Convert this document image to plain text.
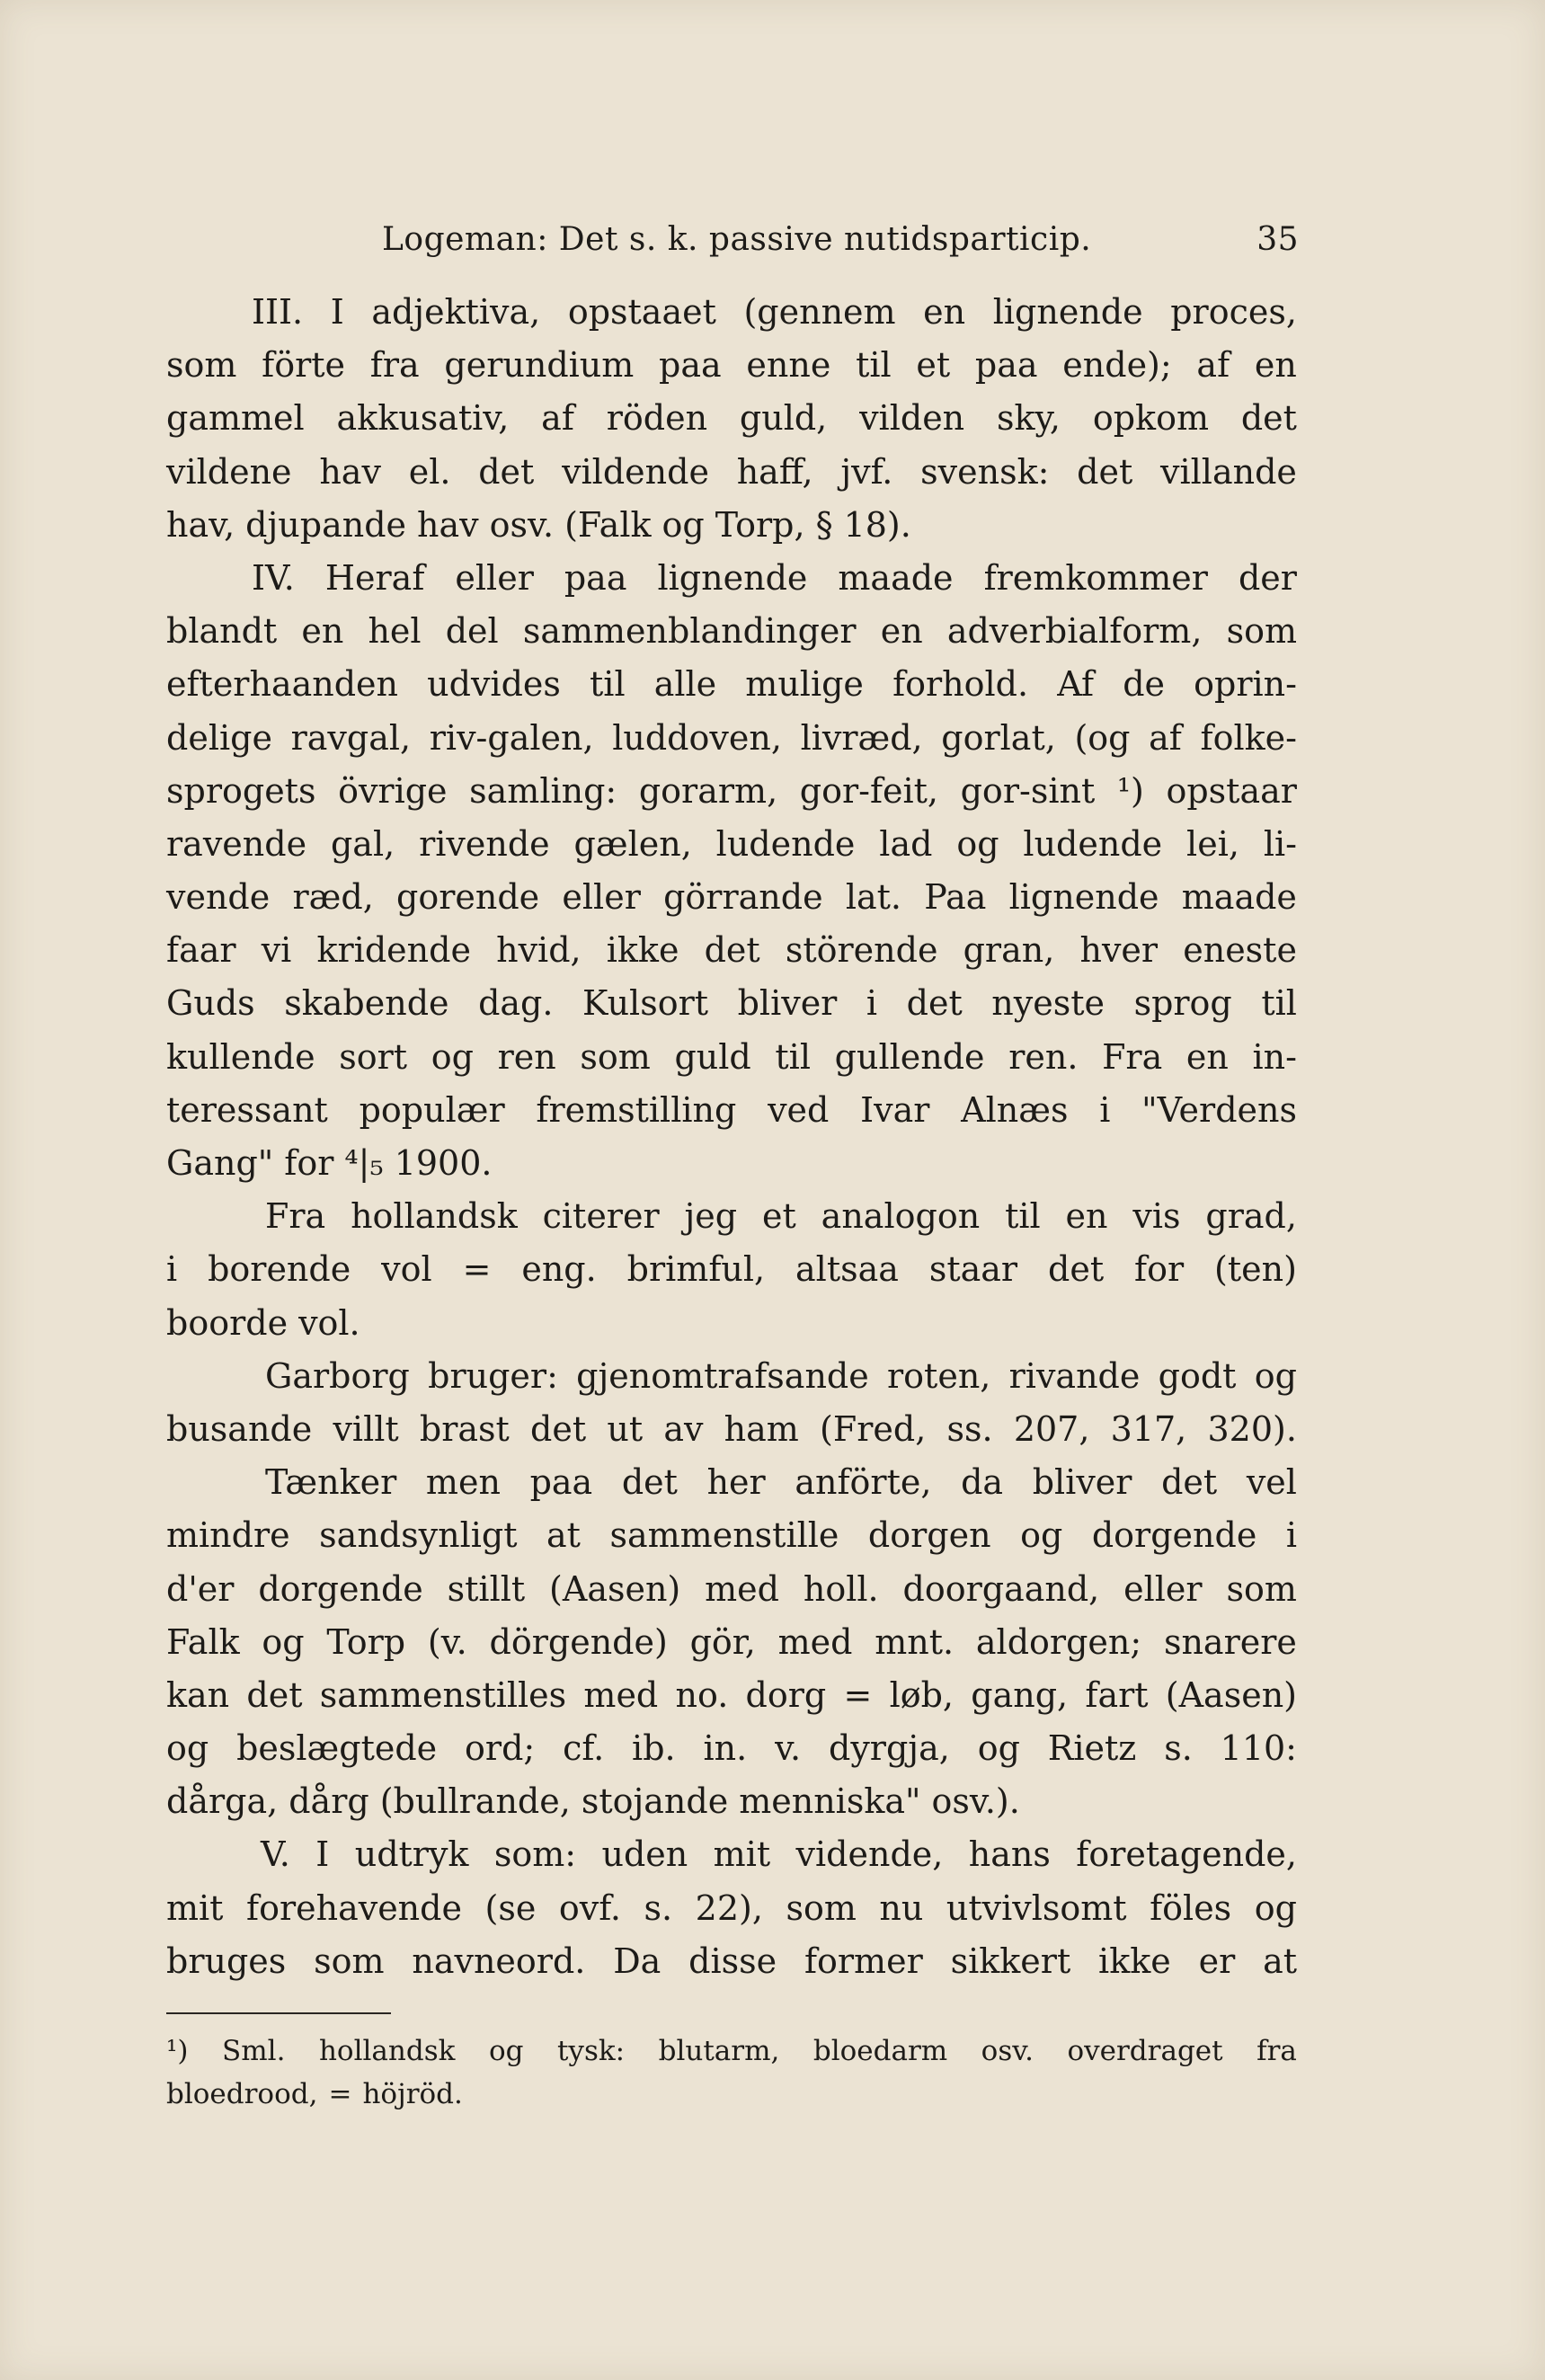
Logeman: Det s. k. passive nutidsparticip.	35
III. I adjektiva, opstaaet (gennem en lignende proces,
som förte fra gerundium paa enne til et paa ende); af en
gammel akkusativ, af röden guld, vilden sky, opkom det
vildene hav el. det vildende haff, jvf. svensk: det villande
hav, djupande hav osv. (Falk og Torp, § 18).
IV. Heraf eller paa lignende maade fremkommer der
blandt en hel del sammenblandinger en adverbialform, som
efterhaanden udvides til alle mulige forhold. Af de oprin-
delige ravgal, riv-galen, luddoven, livræd, gorlat, (og af folke-
sprogets övrige samling: gorarm, gor-feit, gor-sint ¹) opstaar
ravende gal, rivende gælen, ludende lad og ludende lei, li-
vende ræd, gorende eller görrande lat. Paa lignende maade
faar vi kridende hvid, ikke det störende gran, hver eneste
Guds skabende dag. Kulsort bliver i det nyeste sprog til
kullende sort og ren som guld til gullende ren. Fra en in-
teressant populær fremstilling ved Ivar Alnæs i "Verdens
Gang" for ⁴|₅ 1900.
Fra hollandsk citerer jeg et analogon til en vis grad,
i borende vol = eng. brimful, altsaa staar det for (ten)
boorde vol.
Garborg bruger: gjenomtrafsande roten, rivande godt og
busande villt brast det ut av ham (Fred, ss. 207, 317, 320).
Tænker men paa det her anförte, da bliver det vel
mindre sandsynligt at sammenstille dorgen og dorgende i
d'er dorgende stillt (Aasen) med holl. doorgaand, eller som
Falk og Torp (v. dörgende) gör, med mnt. aldorgen; snarere
kan det sammenstilles med no. dorg = løb, gang, fart (Aasen)
og beslægtede ord; cf. ib. in. v. dyrgja, og Rietz s. 110:
dårga, dårg (bullrande, stojande menniska" osv.).
V. I udtryk som: uden mit vidende, hans foretagende,
mit forehavende (se ovf. s. 22), som nu utvivlsomt föles og
bruges som navneord. Da disse former sikkert ikke er at
¹) Sml. hollandsk og tysk: blutarm, bloedarm osv. overdraget fra
bloedrood, = höjröd.
